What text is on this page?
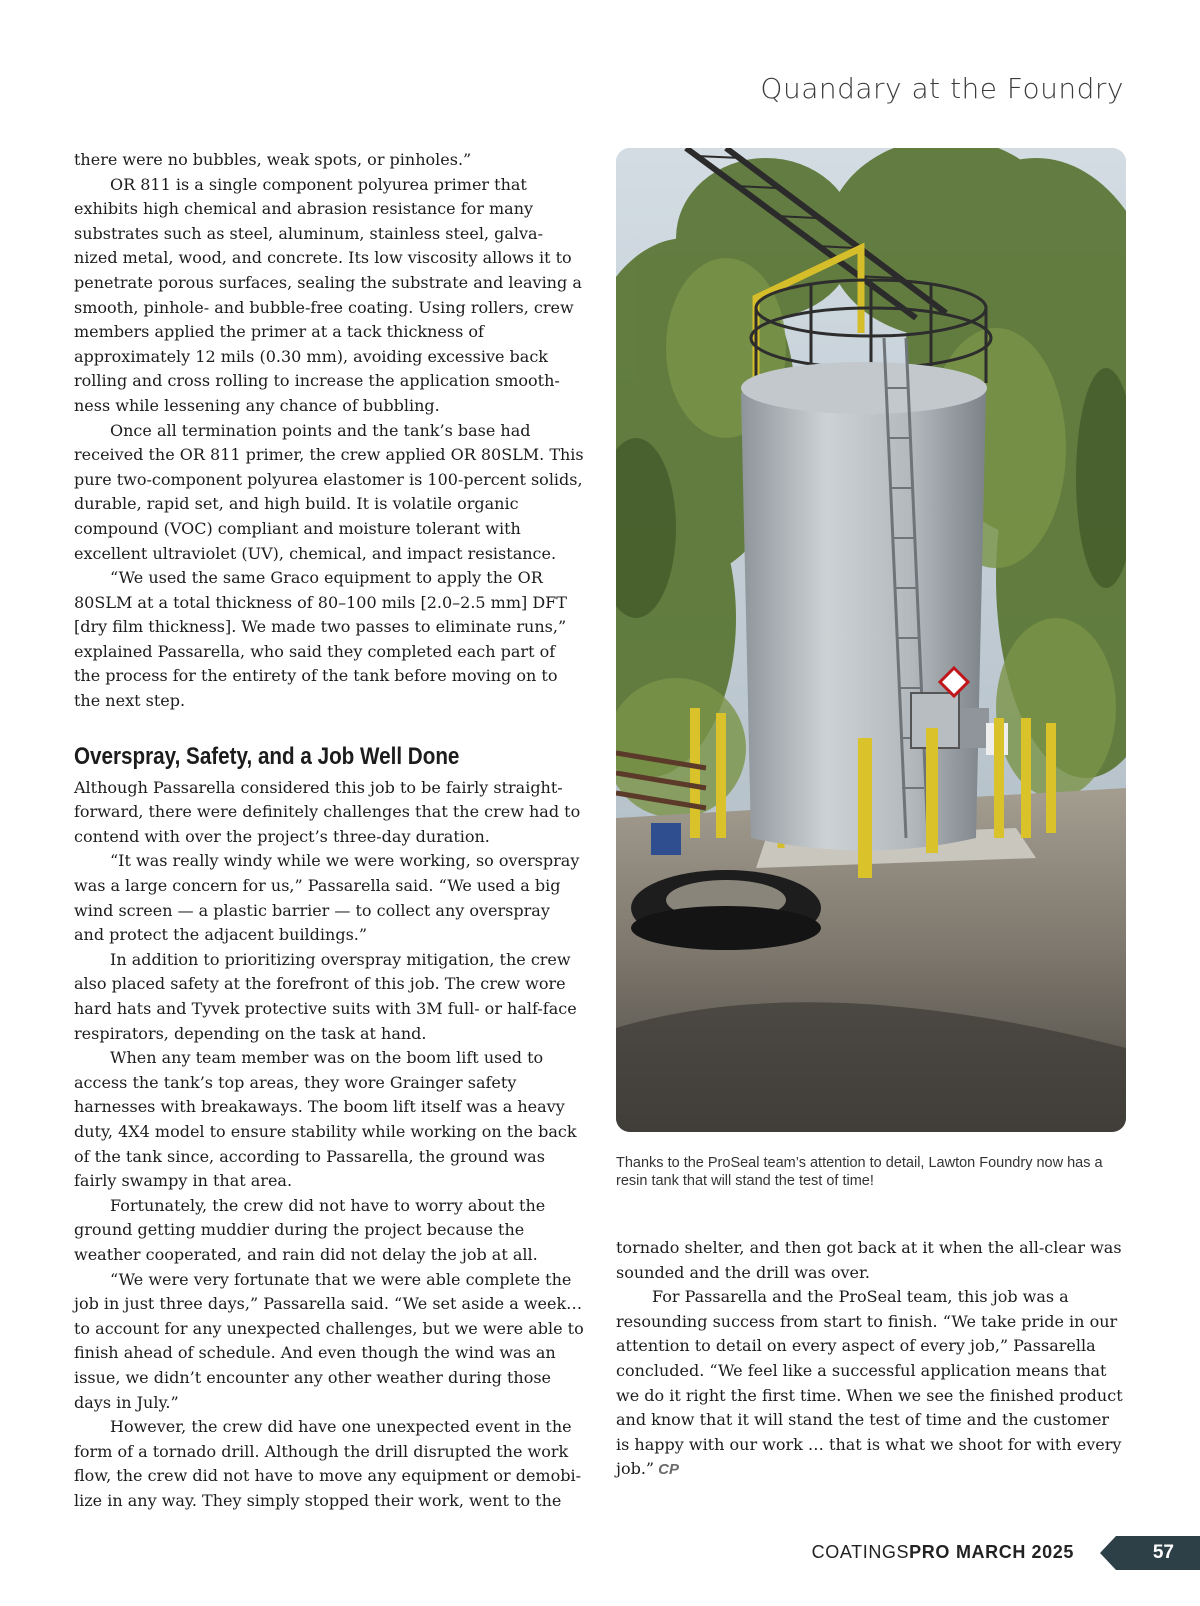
Quandary at the Foundry

there were no bubbles, weak spots, or pinholes.”

OR 811 is a single component polyurea primer that exhibits high chemical and abrasion resistance for many substrates such as steel, aluminum, stainless steel, galva-nized metal, wood, and concrete. Its low viscosity allows it to penetrate porous surfaces, sealing the substrate and leaving a smooth, pinhole- and bubble-free coating. Using rollers, crew members applied the primer at a tack thickness of approximately 12 mils (0.30 mm), avoiding excessive back rolling and cross rolling to increase the application smooth-ness while lessening any chance of bubbling.

Once all termination points and the tank’s base had received the OR 811 primer, the crew applied OR 80SLM. This pure two-component polyurea elastomer is 100-percent solids, durable, rapid set, and high build. It is volatile organic compound (VOC) compliant and moisture tolerant with excellent ultraviolet (UV), chemical, and impact resistance.

“We used the same Graco equipment to apply the OR 80SLM at a total thickness of 80–100 mils [2.0–2.5 mm] DFT [dry film thickness]. We made two passes to eliminate runs,” explained Passarella, who said they completed each part of the process for the entirety of the tank before moving on to the next step.

Overspray, Safety, and a Job Well Done

Although Passarella considered this job to be fairly straight-forward, there were definitely challenges that the crew had to contend with over the project’s three-day duration.

“It was really windy while we were working, so overspray was a large concern for us,” Passarella said. “We used a big wind screen — a plastic barrier — to collect any overspray and protect the adjacent buildings.”

In addition to prioritizing overspray mitigation, the crew also placed safety at the forefront of this job. The crew wore hard hats and Tyvek protective suits with 3M full- or half-face respirators, depending on the task at hand.

When any team member was on the boom lift used to access the tank’s top areas, they wore Grainger safety harnesses with breakaways. The boom lift itself was a heavy duty, 4X4 model to ensure stability while working on the back of the tank since, according to Passarella, the ground was fairly swampy in that area.

Fortunately, the crew did not have to worry about the ground getting muddier during the project because the weather cooperated, and rain did not delay the job at all.

“We were very fortunate that we were able complete the job in just three days,” Passarella said. “We set aside a week… to account for any unexpected challenges, but we were able to finish ahead of schedule. And even though the wind was an issue, we didn’t encounter any other weather during those days in July.”

However, the crew did have one unexpected event in the form of a tornado drill. Although the drill disrupted the work flow, the crew did not have to move any equipment or demobi-lize in any way. They simply stopped their work, went to the

Thanks to the ProSeal team’s attention to detail, Lawton Foundry now has a resin tank that will stand the test of time!

tornado shelter, and then got back at it when the all-clear was sounded and the drill was over.

For Passarella and the ProSeal team, this job was a resounding success from start to finish. “We take pride in our attention to detail on every aspect of every job,” Passarella concluded. “We feel like a successful application means that we do it right the first time. When we see the finished product and know that it will stand the test of time and the customer is happy with our work … that is what we shoot for with every job.” CP

COATINGSPRO MARCH 2025	57
